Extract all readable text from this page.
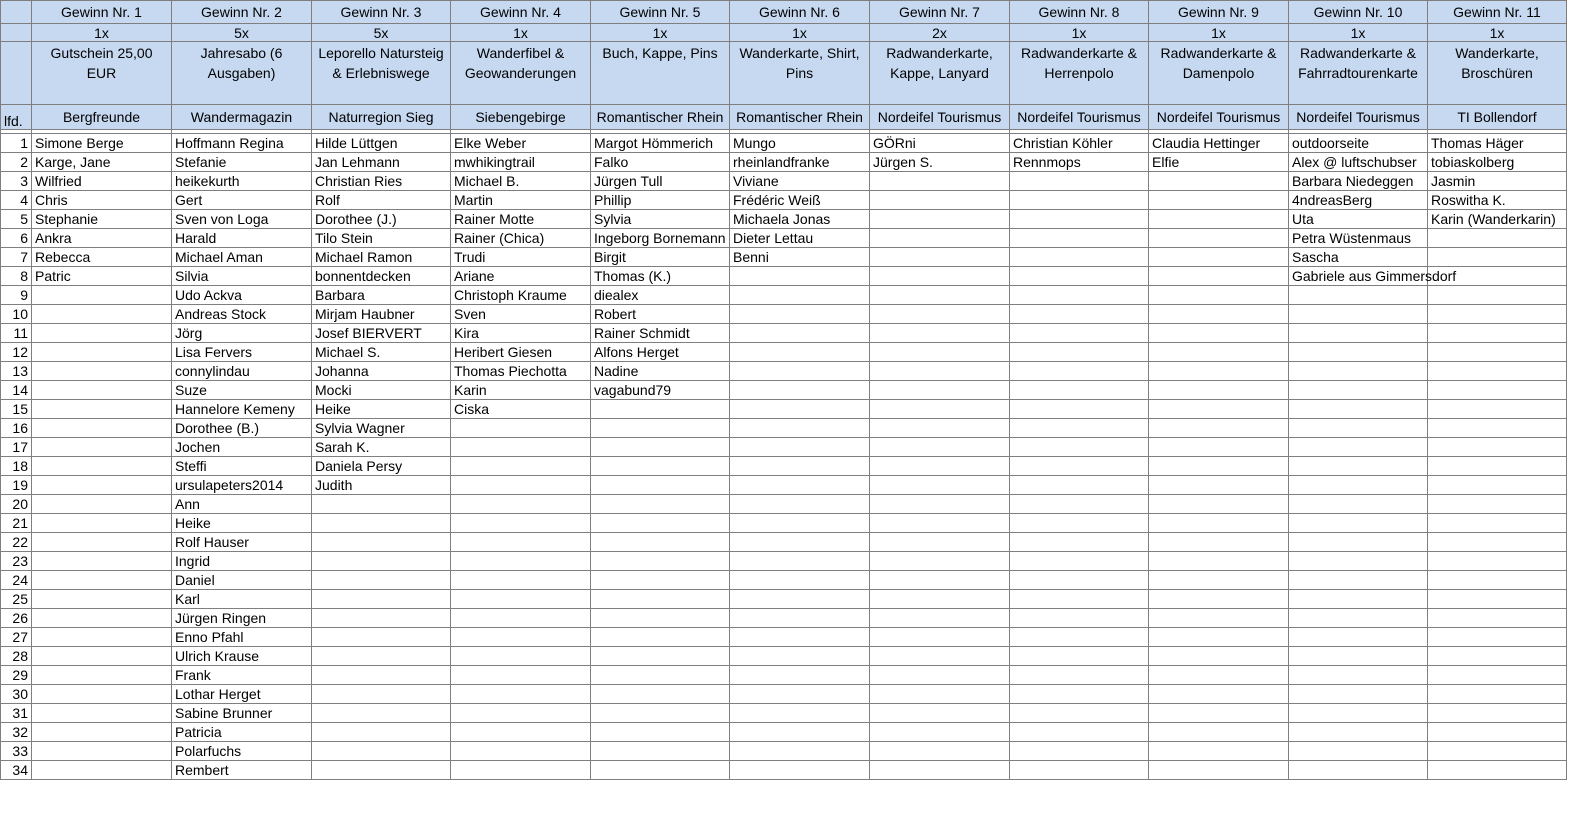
	Gewinn Nr. 1	Gewinn Nr. 2	Gewinn Nr. 3	Gewinn Nr. 4	Gewinn Nr. 5	Gewinn Nr. 6	Gewinn Nr. 7	Gewinn Nr. 8	Gewinn Nr. 9	Gewinn Nr. 10	Gewinn Nr. 11
	1x	5x	5x	1x	1x	1x	2x	1x	1x	1x	1x
	Gutschein 25,00 EUR	Jahresabo (6 Ausgaben)	Leporello Natursteig & Erlebniswege	Wanderfibel & Geowanderungen	Buch, Kappe, Pins	Wanderkarte, Shirt, Pins	Radwanderkarte, Kappe, Lanyard	Radwanderkarte & Herrenpolo	Radwanderkarte & Damenpolo	Radwanderkarte & Fahrradtourenkarte	Wanderkarte, Broschüren
lfd.	Bergfreunde	Wandermagazin	Naturregion Sieg	Siebengebirge	Romantischer Rhein	Romantischer Rhein	Nordeifel Tourismus	Nordeifel Tourismus	Nordeifel Tourismus	Nordeifel Tourismus	TI Bollendorf

1	Simone Berge	Hoffmann Regina	Hilde Lüttgen	Elke Weber	Margot Hömmerich	Mungo	GÖRni	Christian Köhler	Claudia Hettinger	outdoorseite	Thomas Häger
2	Karge, Jane	Stefanie	Jan Lehmann	mwhikingtrail	Falko	rheinlandfranke	Jürgen S.	Rennmops	Elfie	Alex @ luftschubser	tobiaskolberg
3	Wilfried	heikekurth	Christian Ries	Michael B.	Jürgen Tull	Viviane				Barbara Niedeggen	Jasmin
4	Chris	Gert	Rolf	Martin	Phillip	Frédéric Weiß				4ndreasBerg	Roswitha K.
5	Stephanie	Sven von Loga	Dorothee (J.)	Rainer Motte	Sylvia	Michaela Jonas				Uta	Karin (Wanderkarin)
6	Ankra	Harald	Tilo Stein	Rainer (Chica)	Ingeborg Bornemann	Dieter Lettau				Petra Wüstenmaus	
7	Rebecca	Michael Aman	Michael Ramon	Trudi	Birgit	Benni				Sascha	
8	Patric	Silvia	bonnentdecken	Ariane	Thomas (K.)					Gabriele aus Gimmersdorf	
9		Udo Ackva	Barbara	Christoph Kraume	diealex						
10		Andreas Stock	Mirjam Haubner	Sven	Robert						
11		Jörg	Josef BIERVERT	Kira	Rainer Schmidt						
12		Lisa Fervers	Michael S.	Heribert Giesen	Alfons Herget						
13		connylindau	Johanna	Thomas Piechotta	Nadine						
14		Suze	Mocki	Karin	vagabund79						
15		Hannelore Kemeny	Heike	Ciska							
16		Dorothee (B.)	Sylvia Wagner								
17		Jochen	Sarah K.								
18		Steffi	Daniela Persy								
19		ursulapeters2014	Judith								
20		Ann									
21		Heike									
22		Rolf Hauser									
23		Ingrid									
24		Daniel									
25		Karl									
26		Jürgen Ringen									
27		Enno Pfahl									
28		Ulrich Krause									
29		Frank									
30		Lothar Herget									
31		Sabine Brunner									
32		Patricia									
33		Polarfuchs									
34		Rembert									
